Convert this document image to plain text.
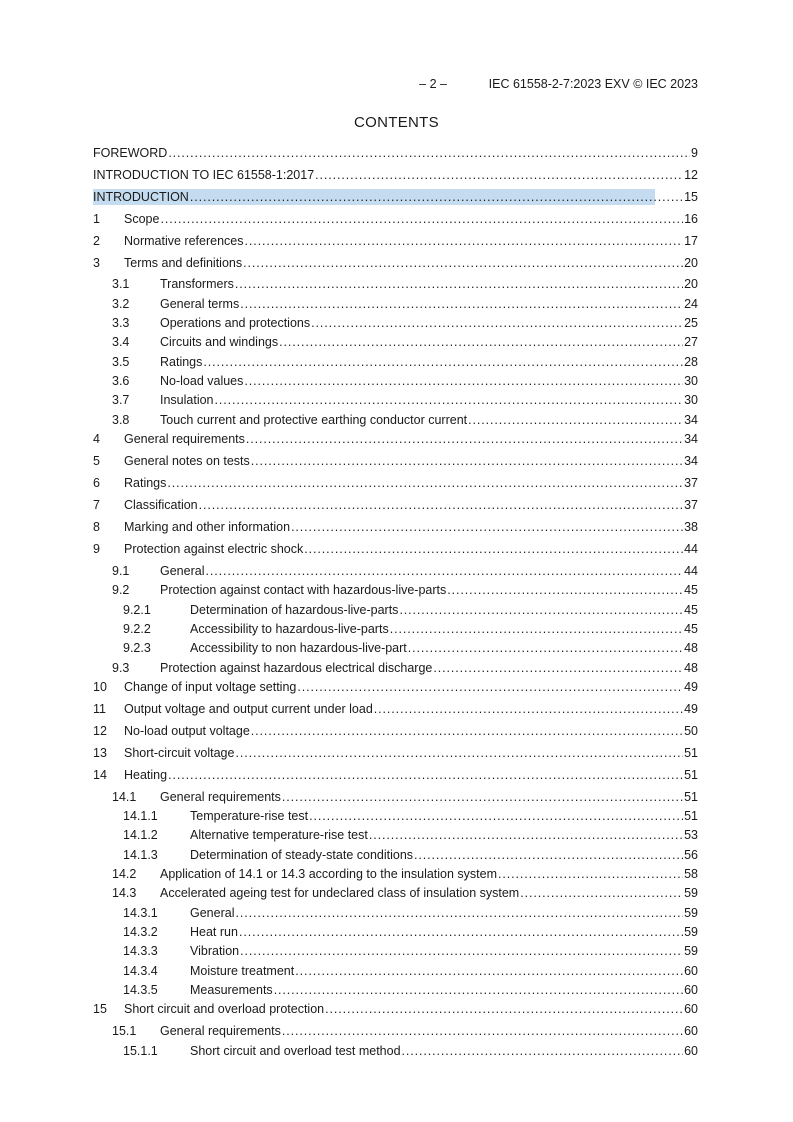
– 2 –	IEC 61558-2-7:2023 EXV © IEC 2023
CONTENTS
FOREWORD .....	9
INTRODUCTION TO IEC 61558-1:2017 .....	12
INTRODUCTION .....	15
1 Scope .....	16
2 Normative references .....	17
3 Terms and definitions .....	20
3.1 Transformers .....	20
3.2 General terms .....	24
3.3 Operations and protections .....	25
3.4 Circuits and windings .....	27
3.5 Ratings .....	28
3.6 No-load values .....	30
3.7 Insulation .....	30
3.8 Touch current and protective earthing conductor current .....	34
4 General requirements .....	34
5 General notes on tests .....	34
6 Ratings .....	37
7 Classification .....	37
8 Marking and other information .....	38
9 Protection against electric shock .....	44
9.1 General .....	44
9.2 Protection against contact with hazardous-live-parts .....	45
9.2.1	Determination of hazardous-live-parts .....	45
9.2.2	Accessibility to hazardous-live-parts .....	45
9.2.3	Accessibility to non hazardous-live-part .....	48
9.3 Protection against hazardous electrical discharge .....	48
10 Change of input voltage setting .....	49
11 Output voltage and output current under load .....	49
12 No-load output voltage .....	50
13 Short-circuit voltage .....	51
14 Heating .....	51
14.1 General requirements .....	51
14.1.1	Temperature-rise test .....	51
14.1.2	Alternative temperature-rise test .....	53
14.1.3	Determination of steady-state conditions .....	56
14.2 Application of 14.1 or 14.3 according to the insulation system .....	58
14.3 Accelerated ageing test for undeclared class of insulation system .....	59
14.3.1	General .....	59
14.3.2	Heat run .....	59
14.3.3	Vibration .....	59
14.3.4	Moisture treatment .....	60
14.3.5	Measurements .....	60
15 Short circuit and overload protection .....	60
15.1 General requirements .....	60
15.1.1	Short circuit and overload test method .....	60
